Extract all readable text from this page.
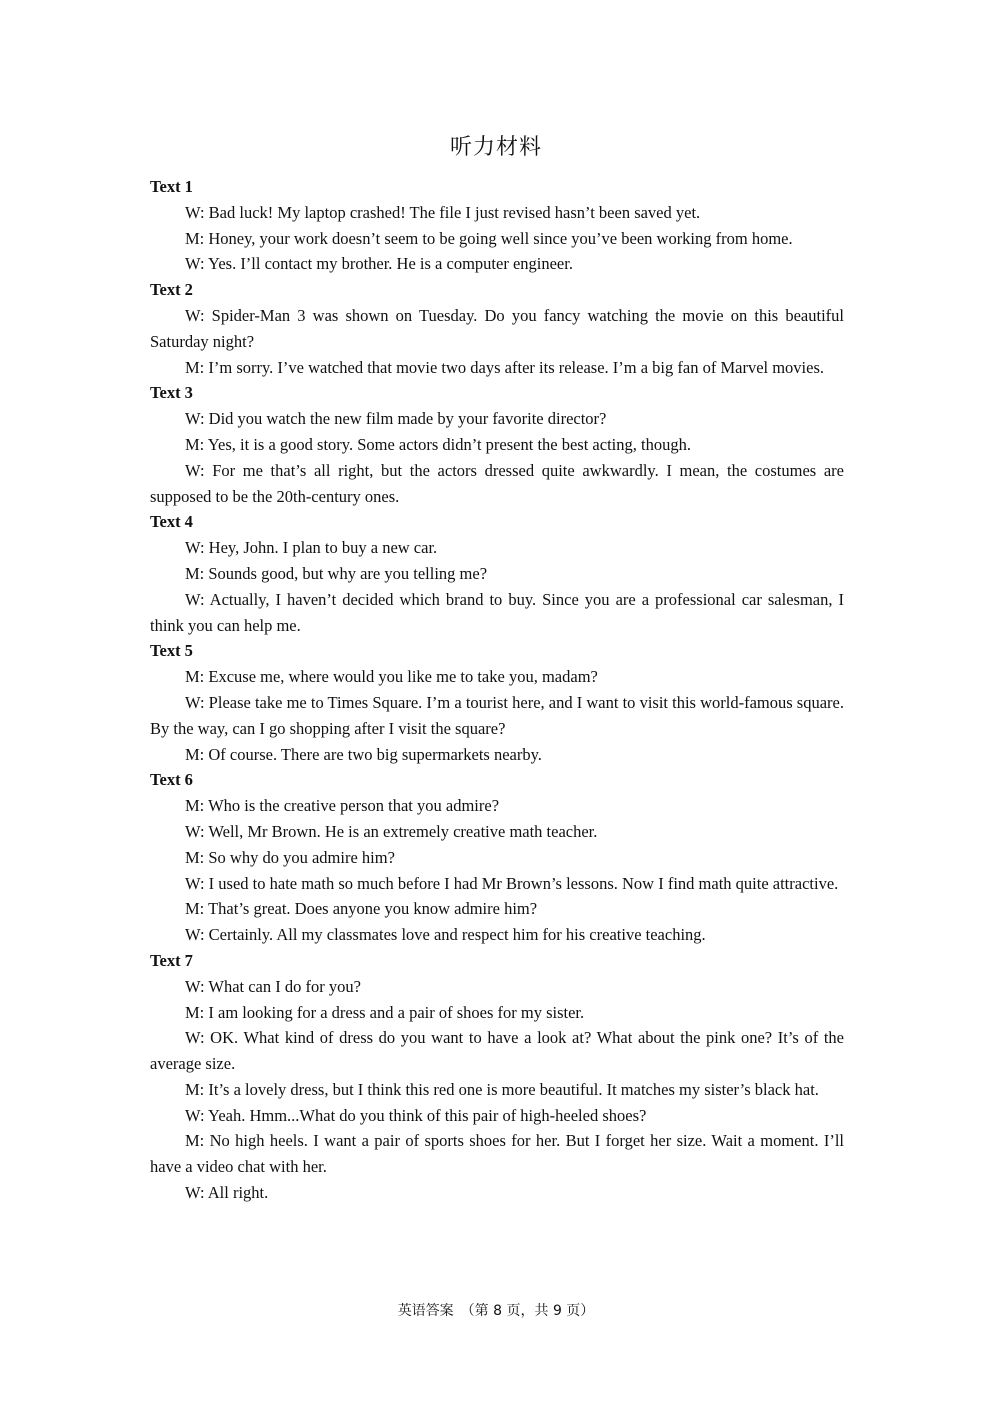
听力材料

Text 1

W: Bad luck! My laptop crashed! The file I just revised hasn’t been saved yet.

M: Honey, your work doesn’t seem to be going well since you’ve been working from home.

W: Yes. I’ll contact my brother. He is a computer engineer.

Text 2

W: Spider-Man 3 was shown on Tuesday. Do you fancy watching the movie on this beautiful Saturday night?

M: I’m sorry. I’ve watched that movie two days after its release. I’m a big fan of Marvel movies.

Text 3

W: Did you watch the new film made by your favorite director?

M: Yes, it is a good story. Some actors didn’t present the best acting, though.

W: For me that’s all right, but the actors dressed quite awkwardly. I mean, the costumes are supposed to be the 20th-century ones.

Text 4

W: Hey, John. I plan to buy a new car.

M: Sounds good, but why are you telling me?

W: Actually, I haven’t decided which brand to buy. Since you are a professional car salesman, I think you can help me.

Text 5

M: Excuse me, where would you like me to take you, madam?

W: Please take me to Times Square. I’m a tourist here, and I want to visit this world-famous square. By the way, can I go shopping after I visit the square?

M: Of course. There are two big supermarkets nearby.

Text 6

M: Who is the creative person that you admire?

W: Well, Mr Brown. He is an extremely creative math teacher.

M: So why do you admire him?

W: I used to hate math so much before I had Mr Brown’s lessons. Now I find math quite attractive.

M: That’s great. Does anyone you know admire him?

W: Certainly. All my classmates love and respect him for his creative teaching.

Text 7

W: What can I do for you?

M: I am looking for a dress and a pair of shoes for my sister.

W: OK. What kind of dress do you want to have a look at? What about the pink one? It’s of the average size.

M: It’s a lovely dress, but I think this red one is more beautiful. It matches my sister’s black hat.

W: Yeah. Hmm...What do you think of this pair of high-heeled shoes?

M: No high heels. I want a pair of sports shoes for her. But I forget her size. Wait a moment. I’ll have a video chat with her.

W: All right.

英语答案　（第 8 页，共 9 页）
